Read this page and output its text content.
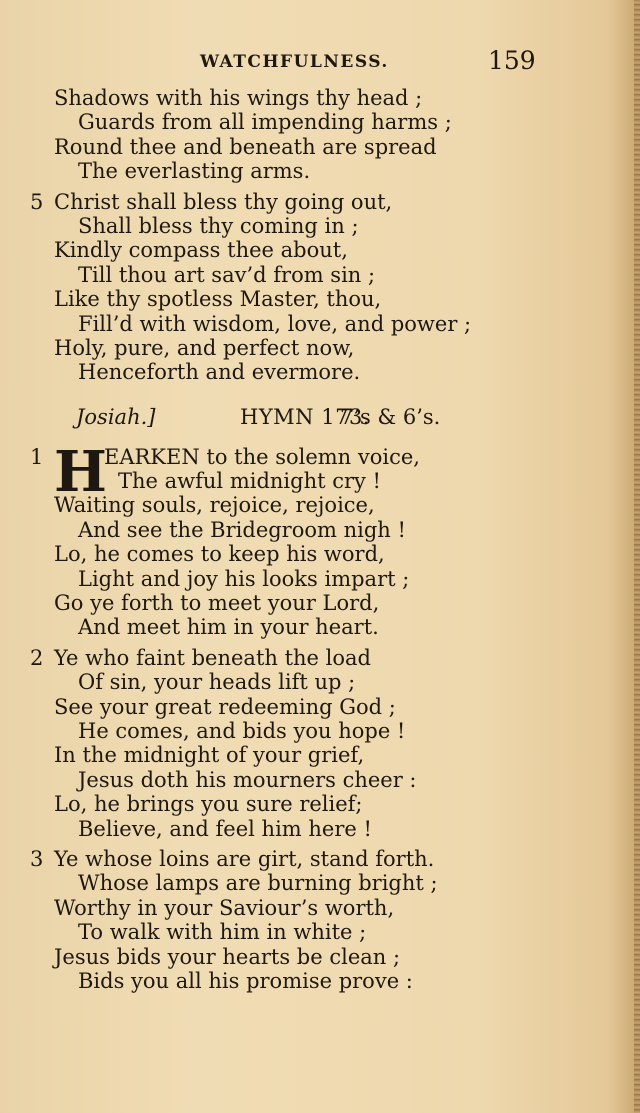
WATCHFULNESS.	159
Shadows with his wings thy head ;
Guards from all impending harms ;
Round thee and beneath are spread
The everlasting arms.
5 Christ shall bless thy going out,
Shall bless thy coming in ;
Kindly compass thee about,
Till thou art sav’d from sin ;
Like thy spotless Master, thou,
Fill’d with wisdom, love, and power ;
Holy, pure, and perfect now,
Henceforth and evermore.
Josiah.]	HYMN 173.
7’s & 6’s.
1 H
EARKEN to the solemn voice,
The awful midnight cry !
Waiting souls, rejoice, rejoice,
And see the Bridegroom nigh !
Lo, he comes to keep his word,
Light and joy his looks impart ;
Go ye forth to meet your Lord,
And meet him in your heart.
2 Ye who faint beneath the load
Of sin, your heads lift up ;
See your great redeeming God ;
He comes, and bids you hope !
In the midnight of your grief,
Jesus doth his mourners cheer :
Lo, he brings you sure relief;
Believe, and feel him here !
3 Ye whose loins are girt, stand forth.
Whose lamps are burning bright ;
Worthy in your Saviour’s worth,
To walk with him in white ;
Jesus bids your hearts be clean ;
Bids you all his promise prove :
